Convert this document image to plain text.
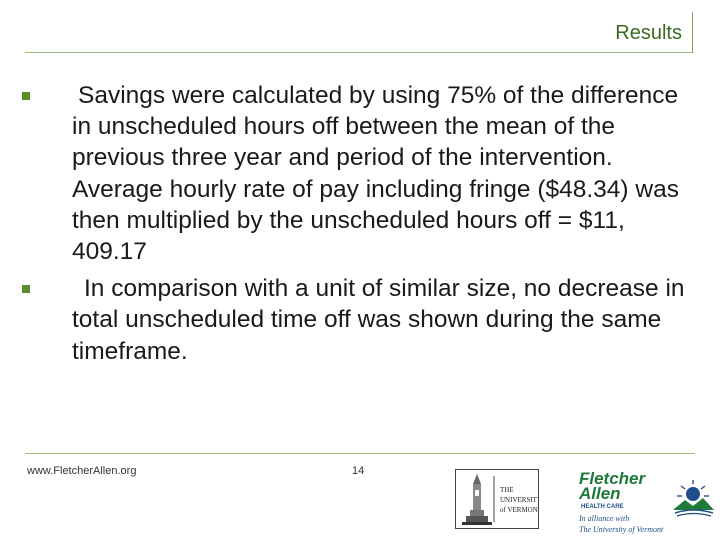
Results
Savings were calculated by using 75% of the difference in unscheduled hours off between the mean of the previous three year and period of the intervention. Average hourly rate of pay including fringe ($48.34) was then multiplied by the unscheduled hours off = $11, 409.17
In comparison with a unit of similar size, no decrease in total unscheduled time off was shown during the same timeframe.
www.FletcherAllen.org	14
THE
UNIVERSITY
of VERMONT
Fletcher
Allen
HEALTH CARE
In alliance with
The University of Vermont
